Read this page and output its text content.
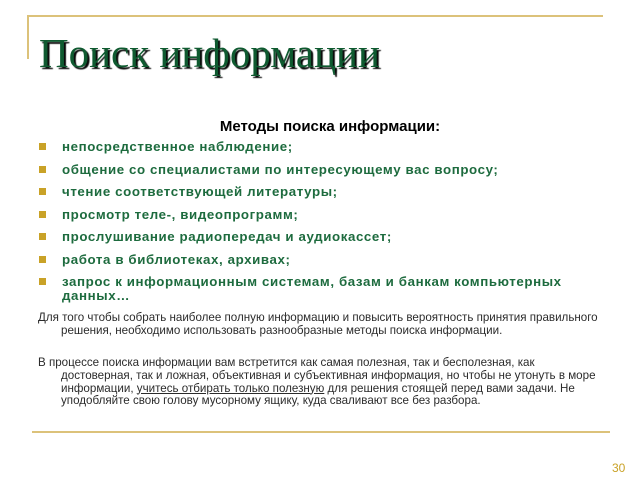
Поиск информации
Методы поиска информации:
непосредственное наблюдение;
общение со специалистами по интересующему вас вопросу;
чтение соответствующей литературы;
просмотр теле-, видеопрограмм;
прослушивание радиопередач и аудиокассет;
работа в библиотеках, архивах;
запрос к информационным системам, базам и банкам компьютерных данных…

Для того чтобы собрать наиболее полную информацию и повысить вероятность принятия правильного решения, необходимо использовать разнообразные методы поиска информации.

В процессе поиска информации вам встретится как самая полезная, так и бесполезная, как достоверная, так и ложная, объективная и субъективная информация, но чтобы не утонуть в море информации, учитесь отбирать только полезную для решения стоящей перед вами задачи. Не уподобляйте свою голову мусорному ящику, куда сваливают все без разбора.

30
